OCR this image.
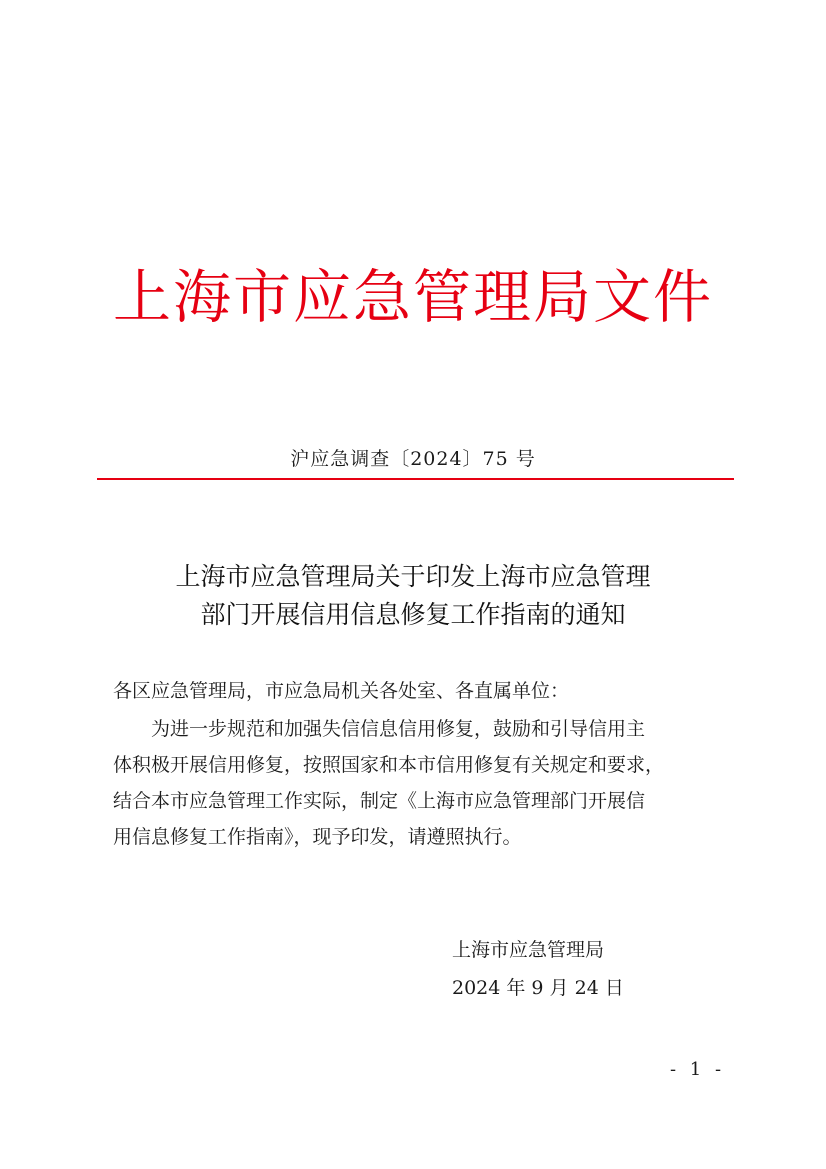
上海市应急管理局文件
沪应急调查〔2024〕75 号
上海市应急管理局关于印发上海市应急管理
部门开展信用信息修复工作指南的通知
各区应急管理局，市应急局机关各处室、各直属单位：
为进一步规范和加强失信信息信用修复，鼓励和引导信用主
体积极开展信用修复，按照国家和本市信用修复有关规定和要求，
结合本市应急管理工作实际，制定《上海市应急管理部门开展信
用信息修复工作指南》，现予印发，请遵照执行。
上海市应急管理局
2024 年 9 月 24 日
- 1 -
